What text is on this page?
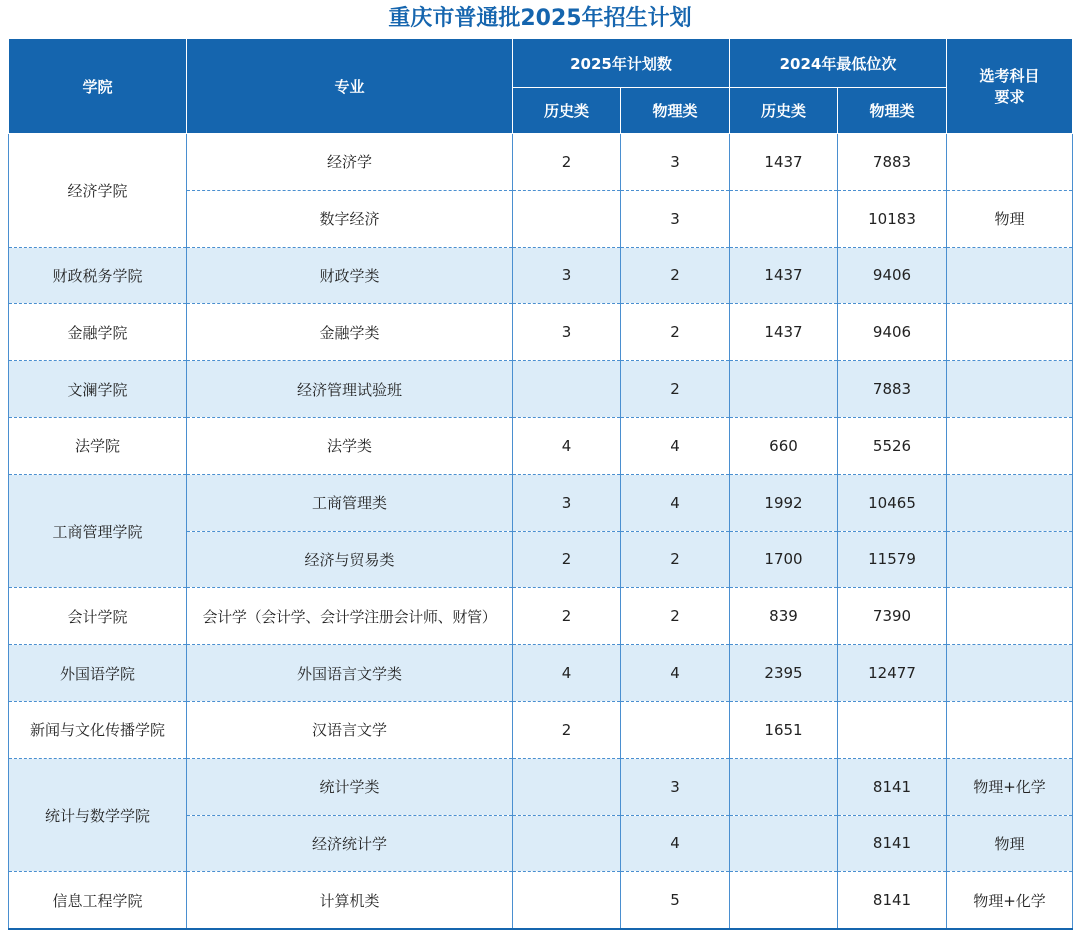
重庆市普通批2025年招生计划
学院	专业	2025年计划数		2024年最低位次		选考科目要求
		历史类	物理类	历史类	物理类	
经济学院	经济学	2	3	1437	7883	
	数字经济		3		10183	物理
财政税务学院	财政学类	3	2	1437	9406	
金融学院	金融学类	3	2	1437	9406	
文澜学院	经济管理试验班		2		7883	
法学院	法学类	4	4	660	5526	
工商管理学院	工商管理类	3	4	1992	10465	
	经济与贸易类	2	2	1700	11579	
会计学院	会计学（会计学、会计学注册会计师、财管）	2	2	839	7390	
外国语学院	外国语言文学类	4	4	2395	12477	
新闻与文化传播学院	汉语言文学	2		1651		
统计与数学学院	统计学类		3		8141	物理+化学
	经济统计学		4		8141	物理
信息工程学院	计算机类		5		8141	物理+化学
